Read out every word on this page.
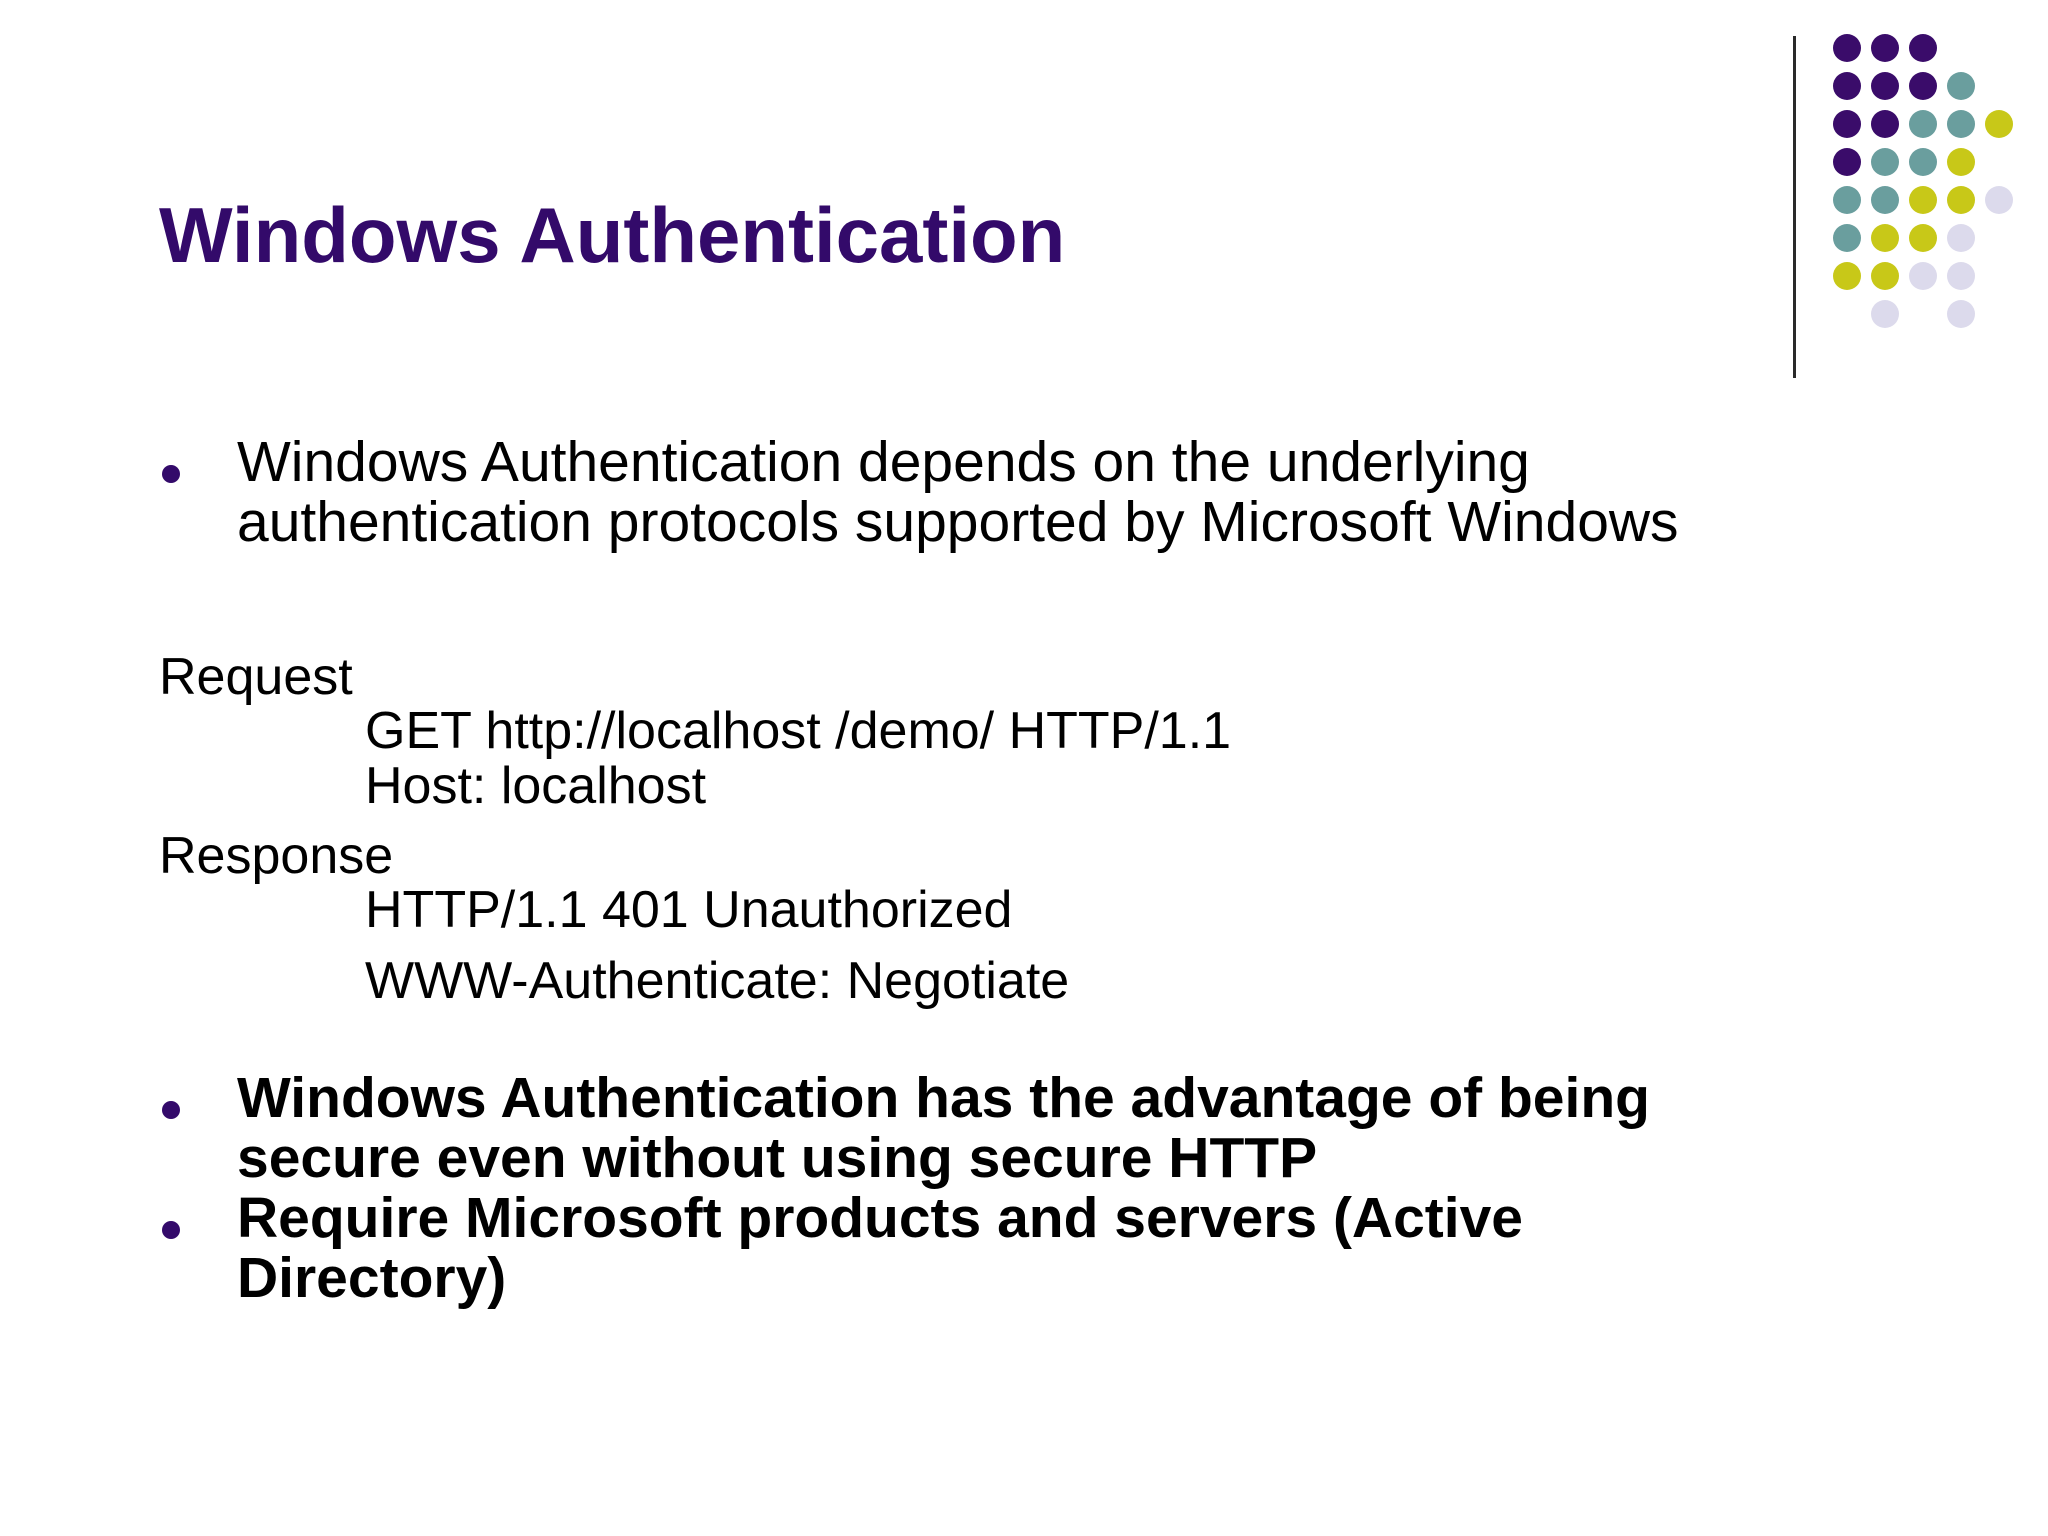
Windows Authentication

Windows Authentication depends on the underlying

authentication protocols supported by Microsoft Windows

Request

GET http://localhost /demo/ HTTP/1.1

Host: localhost

Response

HTTP/1.1 401 Unauthorized

WWW-Authenticate: Negotiate

Windows Authentication has the advantage of being

secure even without using secure HTTP

Require Microsoft products and servers (Active

Directory)
